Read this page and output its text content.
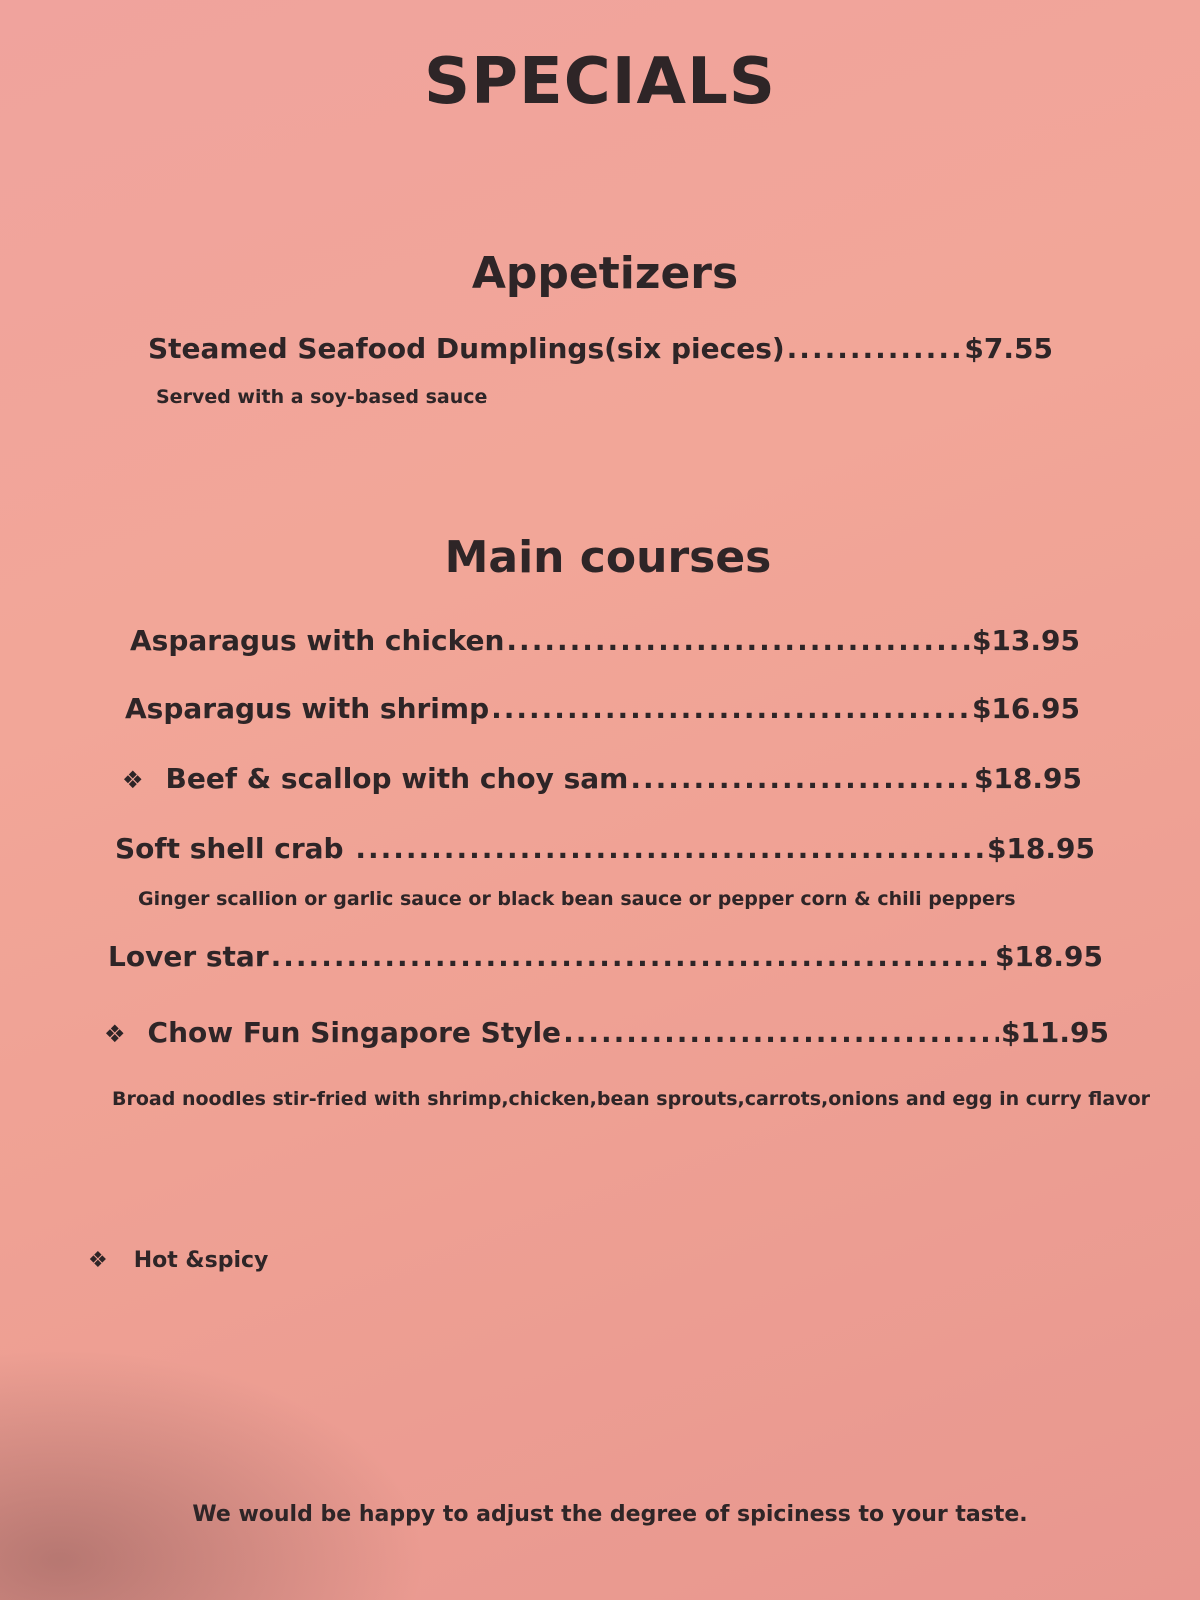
SPECIALS
Appetizers
Steamed Seafood Dumplings(six pieces) .....	$7.55
Served with a soy-based sauce
Main courses
Asparagus with chicken .....	$13.95
Asparagus with shrimp .....	$16.95
❖ Beef & scallop with choy sam .....	$18.95
Soft shell crab .....	$18.95
Ginger scallion or garlic sauce or black bean sauce or pepper corn & chili peppers
Lover star .....	$18.95
❖ Chow Fun Singapore Style .....	$11.95
Broad noodles stir-fried with shrimp,chicken,bean sprouts,carrots,onions and egg in curry flavor
❖ Hot &spicy
We would be happy to adjust the degree of spiciness to your taste.
